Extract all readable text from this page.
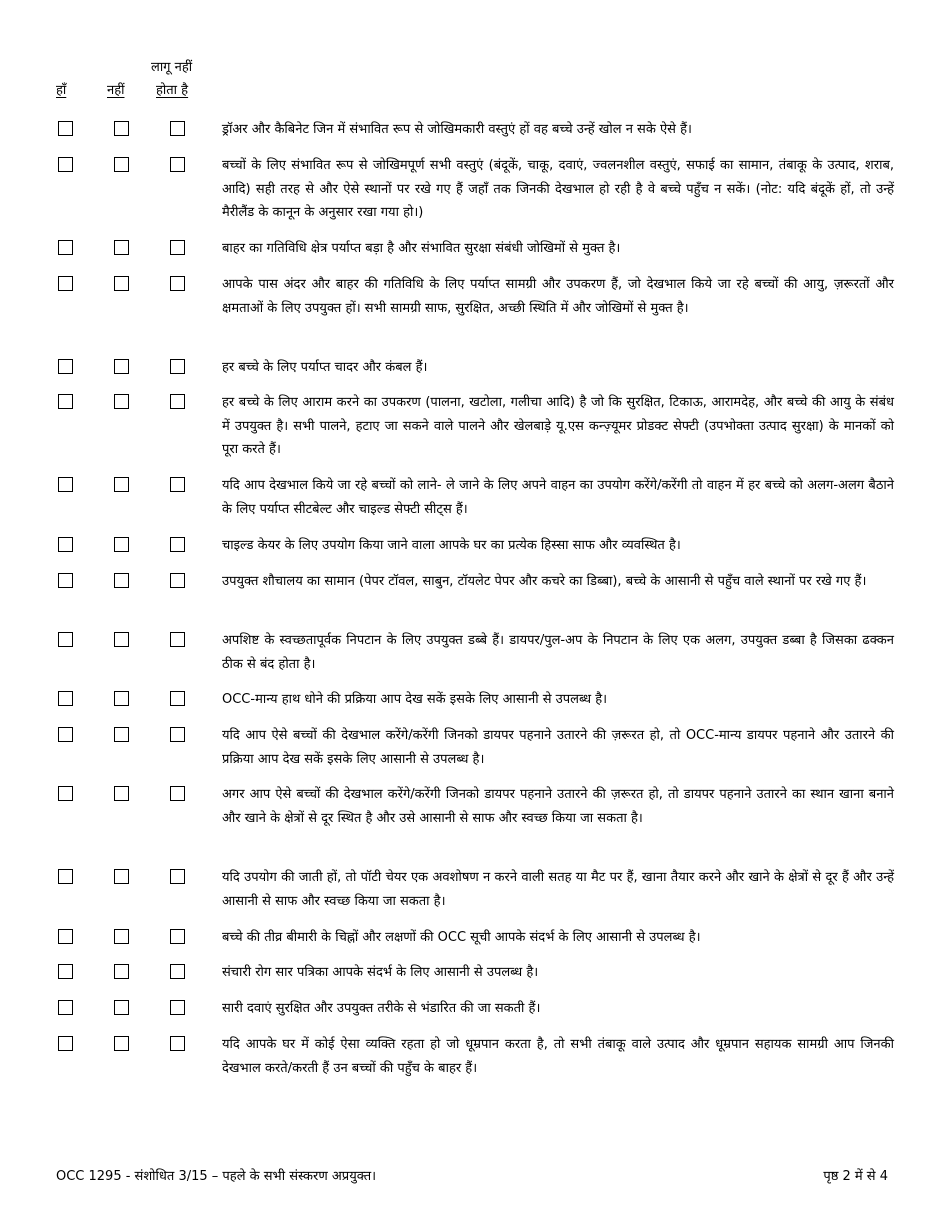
हाँ	नहीं
लागू नहीं
होता है
ड्रॉअर और कैबिनेट जिन में संभावित रूप से जोखिमकारी वस्तुएं हों वह बच्चे उन्हें खोल न सके ऐसे हैं।
बच्चों के लिए संभावित रूप से जोखिमपूर्ण सभी वस्तुएं (बंदूकें, चाकू, दवाएं, ज्वलनशील वस्तुएं, सफाई का सामान, तंबाकू के उत्पाद, शराब, आदि) सही तरह से और ऐसे स्थानों पर रखे गए हैं जहाँ तक जिनकी देखभाल हो रही है वे बच्चे पहुँच न सकें। (नोट: यदि बंदूकें हों, तो उन्हें मैरीलैंड के कानून के अनुसार रखा गया हो।)
बाहर का गतिविधि क्षेत्र पर्याप्त बड़ा है और संभावित सुरक्षा संबंधी जोखिमों से मुक्त है।
आपके पास अंदर और बाहर की गतिविधि के लिए पर्याप्त सामग्री और उपकरण हैं, जो देखभाल किये जा रहे बच्चों की आयु, ज़रूरतों और क्षमताओं के लिए उपयुक्त हों। सभी सामग्री साफ, सुरक्षित, अच्छी स्थिति में और जोखिमों से मुक्त है।
हर बच्चे के लिए पर्याप्त चादर और कंबल हैं।
हर बच्चे के लिए आराम करने का उपकरण (पालना, खटोला, गलीचा आदि) है जो कि सुरक्षित, टिकाऊ, आरामदेह, और बच्चे की आयु के संबंध में उपयुक्त है। सभी पालने, हटाए जा सकने वाले पालने और खेलबाड़े यू.एस कन्ज़्यूमर प्रोडक्ट सेफ्टी (उपभोक्ता उत्पाद सुरक्षा) के मानकों को पूरा करते हैं।
यदि आप देखभाल किये जा रहे बच्चों को लाने- ले जाने के लिए अपने वाहन का उपयोग करेंगे/करेंगी तो वाहन में हर बच्चे को अलग-अलग बैठाने के लिए पर्याप्त सीटबेल्ट और चाइल्ड सेफ्टी सीट्स हैं।
चाइल्ड केयर के लिए उपयोग किया जाने वाला आपके घर का प्रत्येक हिस्सा साफ और व्यवस्थित है।
उपयुक्त शौचालय का सामान (पेपर टॉवल, साबुन, टॉयलेट पेपर और कचरे का डिब्बा), बच्चे के आसानी से पहुँच वाले स्थानों पर रखे गए हैं।
अपशिष्ट के स्वच्छतापूर्वक निपटान के लिए उपयुक्त डब्बे हैं। डायपर/पुल-अप के निपटान के लिए एक अलग, उपयुक्त डब्बा है जिसका ढक्कन ठीक से बंद होता है।
OCC-मान्य हाथ धोने की प्रक्रिया आप देख सकें इसके लिए आसानी से उपलब्ध है।
यदि आप ऐसे बच्चों की देखभाल करेंगे/करेंगी जिनको डायपर पहनाने उतारने की ज़रूरत हो, तो OCC-मान्य डायपर पहनाने और उतारने की प्रक्रिया आप देख सकें इसके लिए आसानी से उपलब्ध है।
अगर आप ऐसे बच्चों की देखभाल करेंगे/करेंगी जिनको डायपर पहनाने उतारने की ज़रूरत हो, तो डायपर पहनाने उतारने का स्थान खाना बनाने और खाने के क्षेत्रों से दूर स्थित है और उसे आसानी से साफ और स्वच्छ किया जा सकता है।
यदि उपयोग की जाती हों, तो पॉटी चेयर एक अवशोषण न करने वाली सतह या मैट पर हैं, खाना तैयार करने और खाने के क्षेत्रों से दूर हैं और उन्हें आसानी से साफ और स्वच्छ किया जा सकता है।
बच्चे की तीव्र बीमारी के चिह्नों और लक्षणों की OCC सूची आपके संदर्भ के लिए आसानी से उपलब्ध है।
संचारी रोग सार पत्रिका आपके संदर्भ के लिए आसानी से उपलब्ध है।
सारी दवाएं सुरक्षित और उपयुक्त तरीके से भंडारित की जा सकती हैं।
यदि आपके घर में कोई ऐसा व्यक्ति रहता हो जो धूम्रपान करता है, तो सभी तंबाकू वाले उत्पाद और धूम्रपान सहायक सामग्री आप जिनकी देखभाल करते/करती हैं उन बच्चों की पहुँच के बाहर हैं।
OCC 1295 - संशोधित 3/15 – पहले के सभी संस्करण अप्रयुक्त।	पृष्ठ 2 में से 4
